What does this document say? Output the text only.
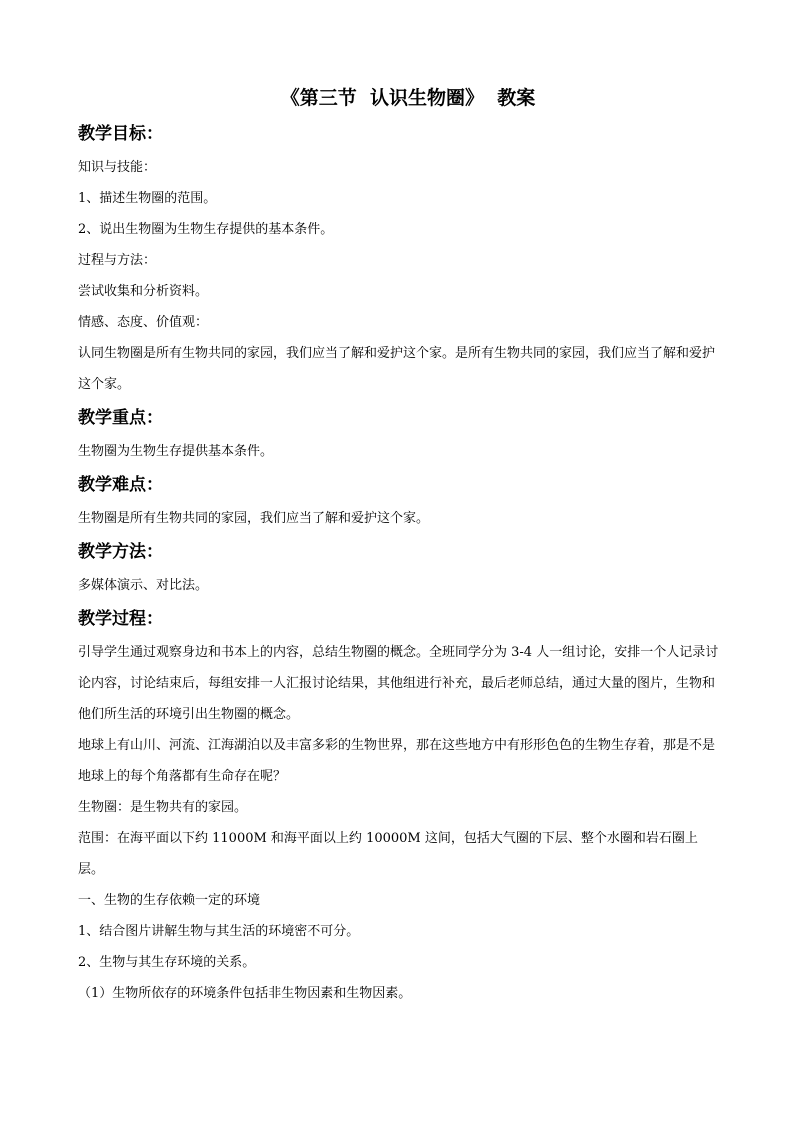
《第三节  认识生物圈》  教案
教学目标：

知识与技能：

1、描述生物圈的范围。

2、说出生物圈为生物生存提供的基本条件。

过程与方法：

尝试收集和分析资料。

情感、态度、价值观：

认同生物圈是所有生物共同的家园，我们应当了解和爱护这个家。是所有生物共同的家园，我们应当了解和爱护这个家。

教学重点：

生物圈为生物生存提供基本条件。

教学难点：

生物圈是所有生物共同的家园，我们应当了解和爱护这个家。

教学方法：

多媒体演示、对比法。

教学过程：

引导学生通过观察身边和书本上的内容，总结生物圈的概念。全班同学分为 3-4 人一组讨论，安排一个人记录讨论内容，讨论结束后，每组安排一人汇报讨论结果，其他组进行补充，最后老师总结，通过大量的图片，生物和他们所生活的环境引出生物圈的概念。

地球上有山川、河流、江海湖泊以及丰富多彩的生物世界，那在这些地方中有形形色色的生物生存着，那是不是地球上的每个角落都有生命存在呢？

生物圈：是生物共有的家园。

范围：在海平面以下约 11000M 和海平面以上约 10000M 这间，包括大气圈的下层、整个水圈和岩石圈上层。

一、生物的生存依赖一定的环境

1、结合图片讲解生物与其生活的环境密不可分。

2、生物与其生存环境的关系。

（1）生物所依存的环境条件包括非生物因素和生物因素。
